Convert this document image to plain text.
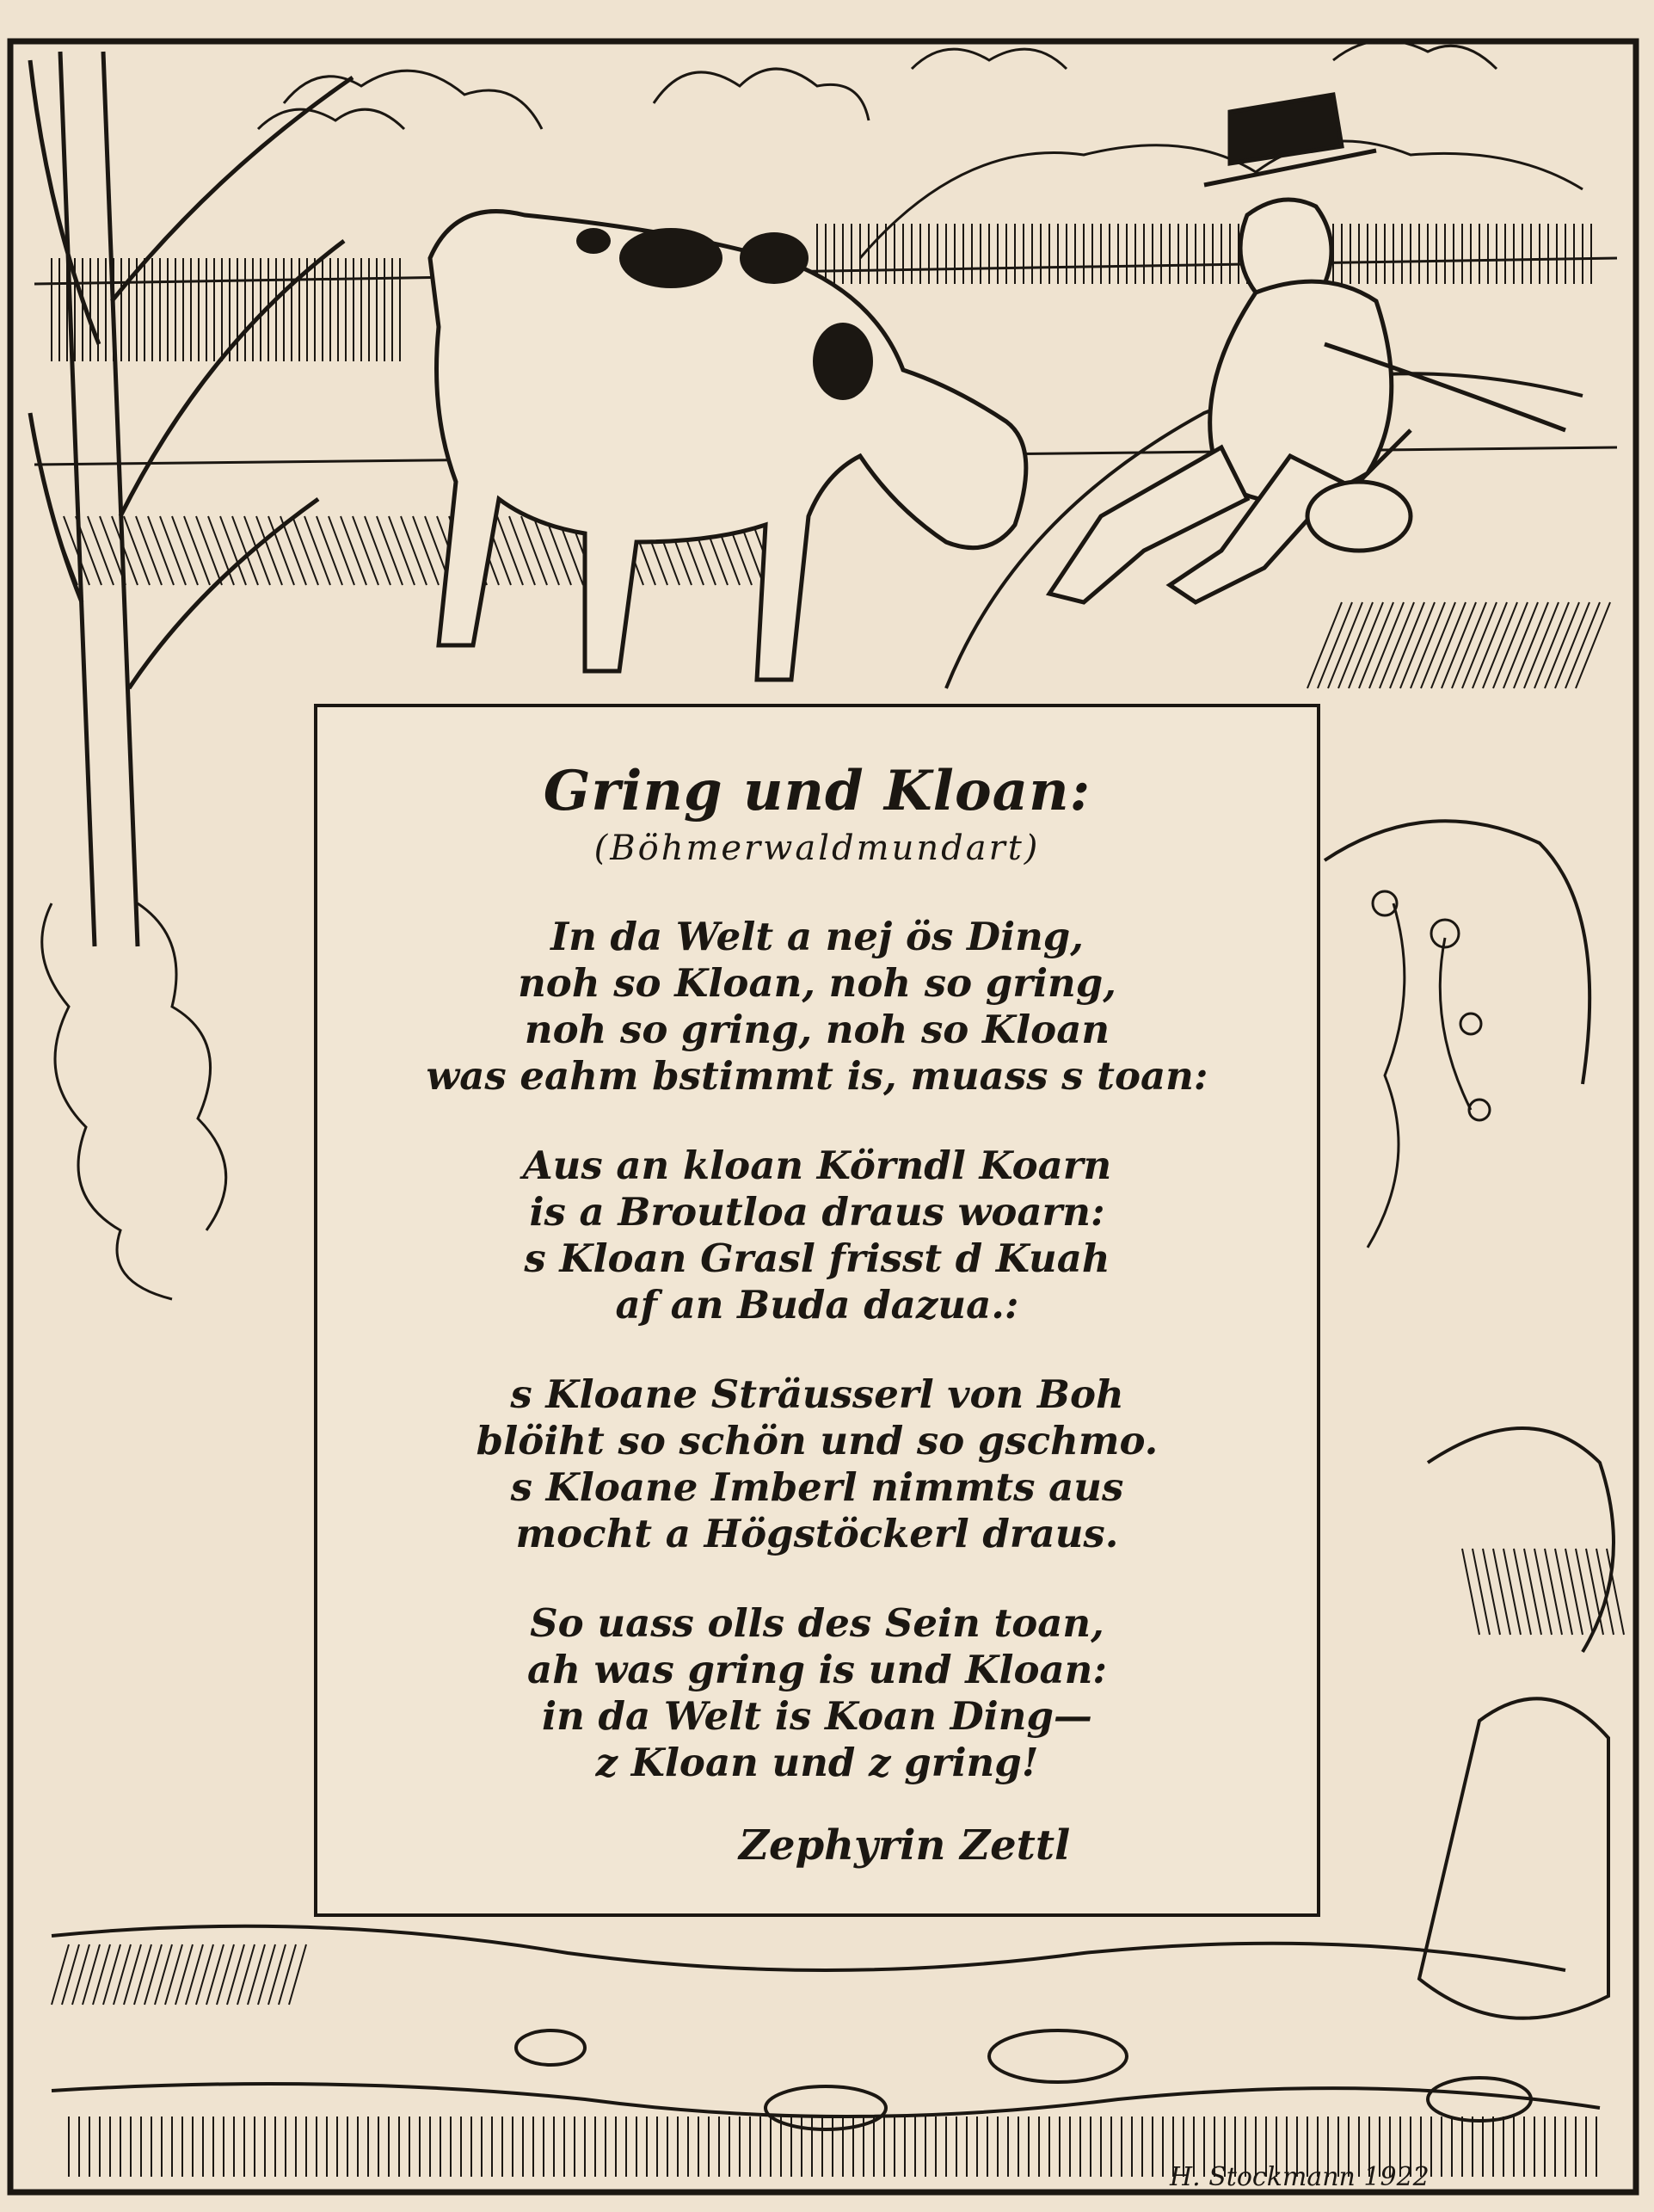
H. Stockmann 1922
Gring und Kloan:
(Böhmerwaldmundart)
In da Welt a nej ös Ding,
noh so Kloan, noh so gring,
noh so gring, noh so Kloan
was eahm bstimmt is, muass s toan:
Aus an kloan Körndl Koarn
is a Broutloa draus woarn:
s Kloan Grasl frisst d Kuah
af an Buda dazua.:
s Kloane Sträusserl von Boh
blöiht so schön und so gschmo.
s Kloane Imberl nimmts aus
mocht a Högstöckerl draus.
So uass olls des Sein toan,
ah was gring is und Kloan:
in da Welt is Koan Ding—
z Kloan und z gring!
Zephyrin Zettl
